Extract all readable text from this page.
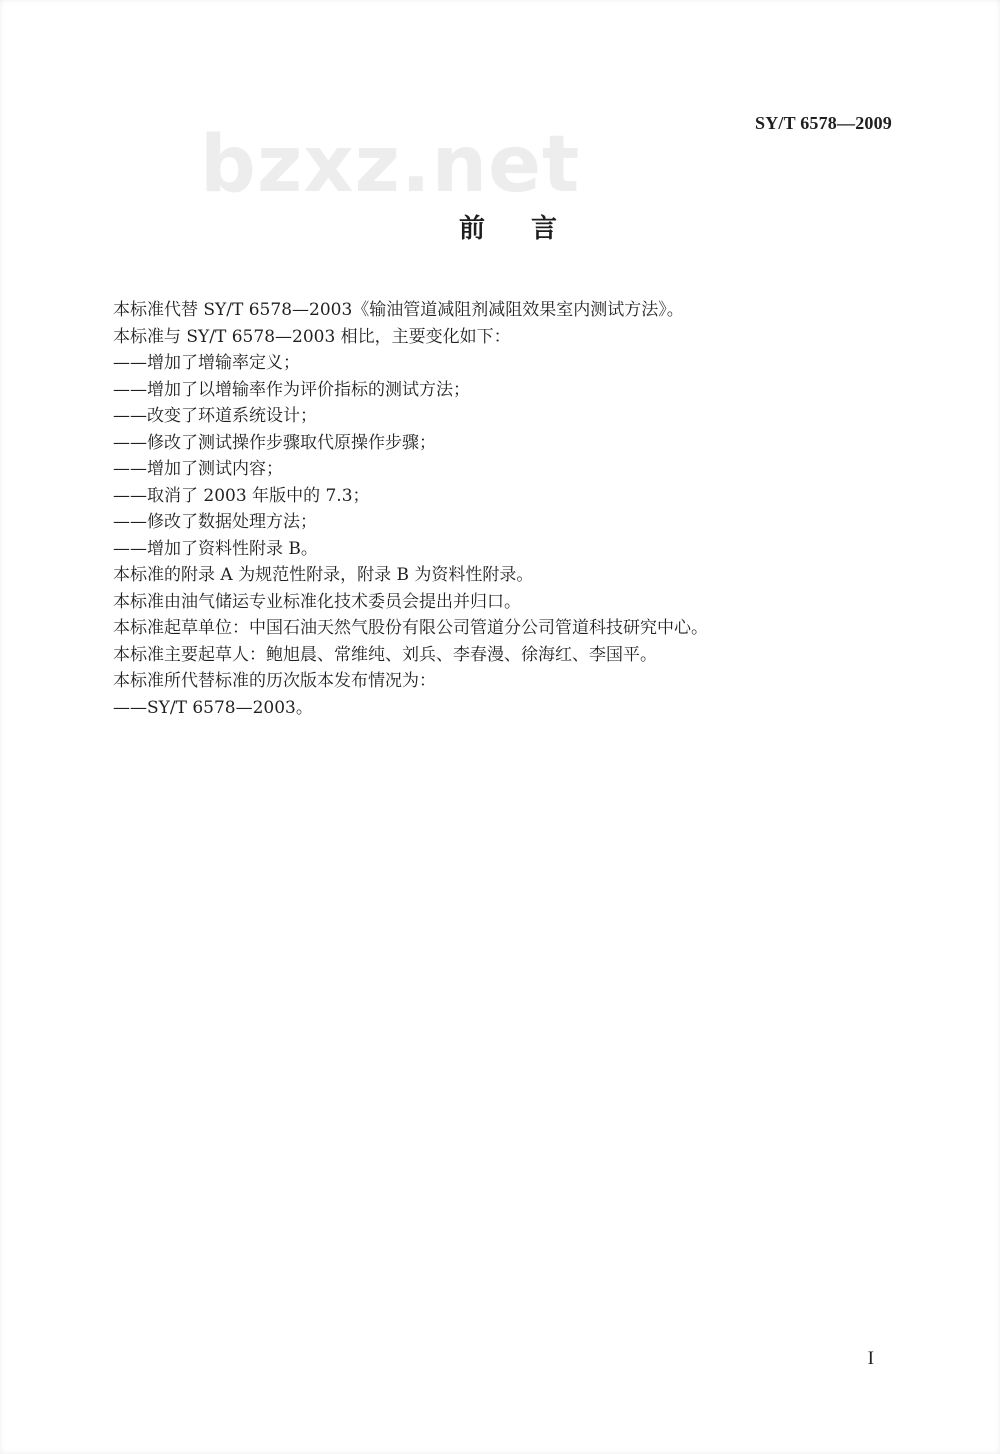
SY/T 6578—2009
bzxz.net
前言
本标准代替 SY/T 6578—2003《输油管道减阻剂减阻效果室内测试方法》。
本标准与 SY/T 6578—2003 相比，主要变化如下：
——增加了增输率定义；
——增加了以增输率作为评价指标的测试方法；
——改变了环道系统设计；
——修改了测试操作步骤取代原操作步骤；
——增加了测试内容；
——取消了 2003 年版中的 7.3；
——修改了数据处理方法；
——增加了资料性附录 B。
本标准的附录 A 为规范性附录，附录 B 为资料性附录。
本标准由油气储运专业标准化技术委员会提出并归口。
本标准起草单位：中国石油天然气股份有限公司管道分公司管道科技研究中心。
本标准主要起草人：鲍旭晨、常维纯、刘兵、李春漫、徐海红、李国平。
本标准所代替标准的历次版本发布情况为：
——SY/T 6578—2003。
I
